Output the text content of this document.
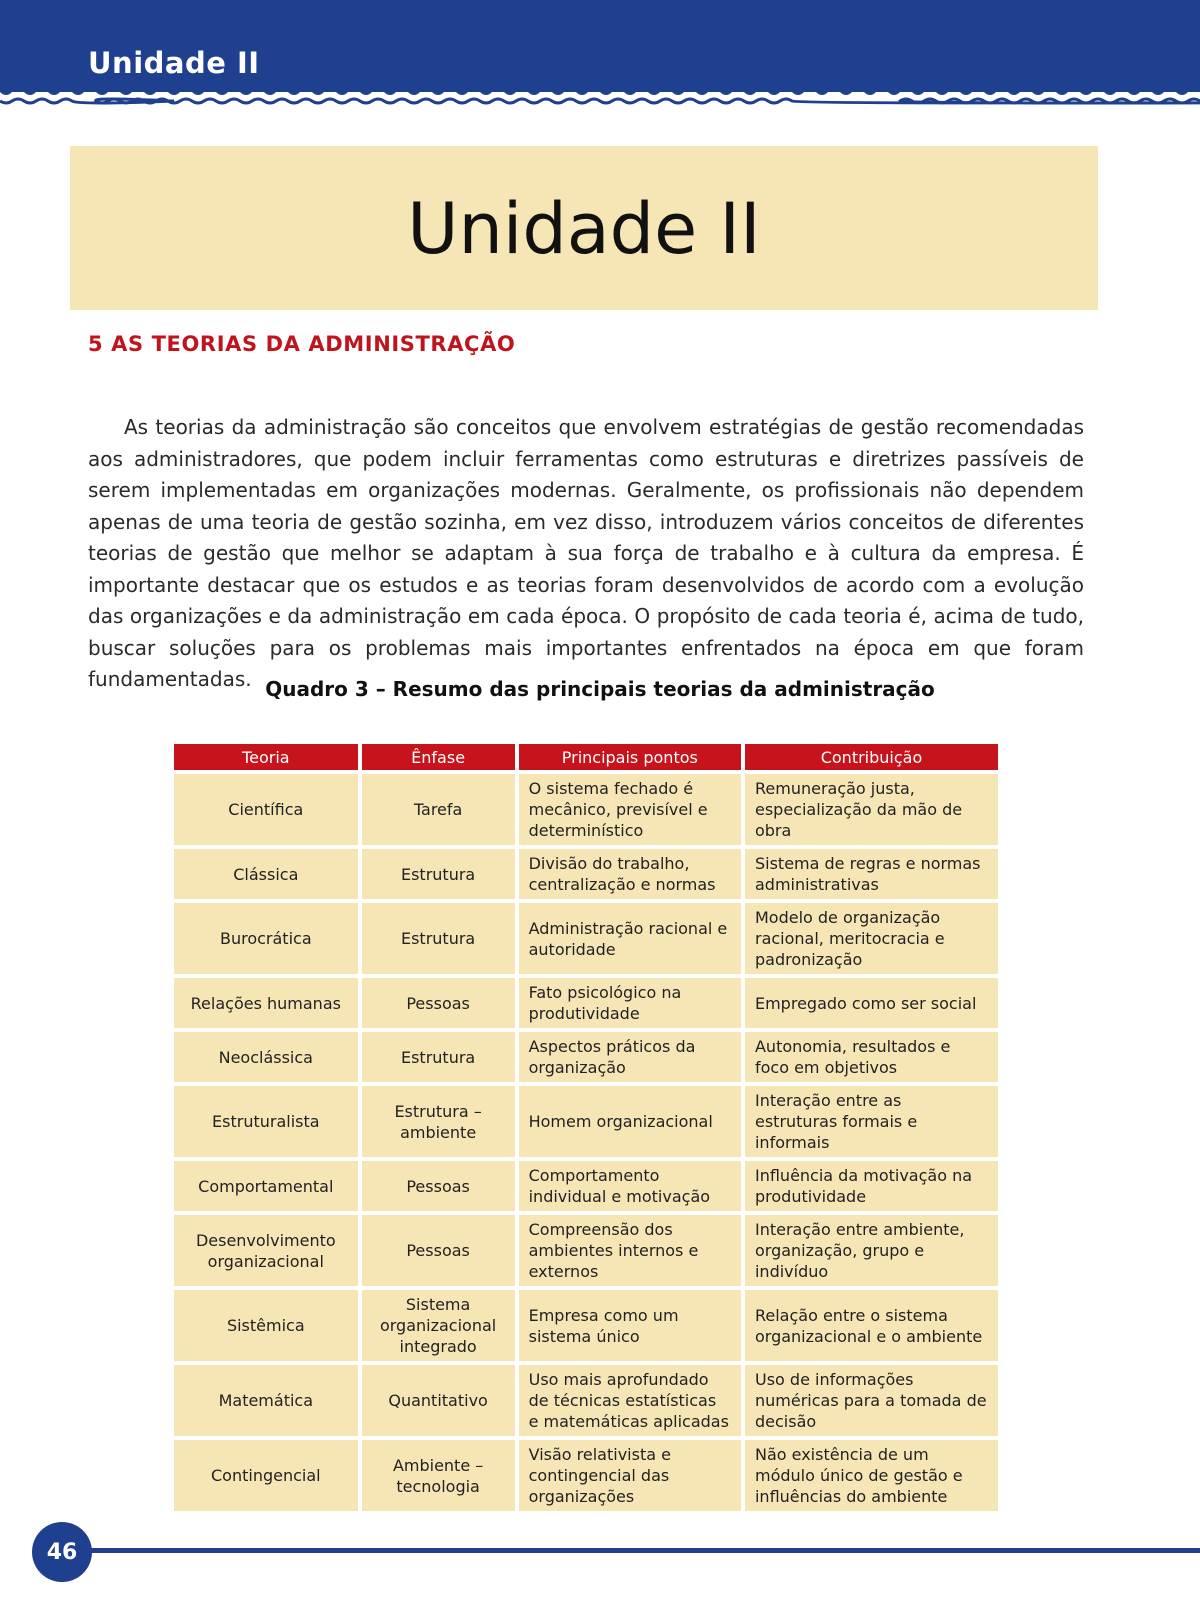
Unidade II
Unidade II
5 AS TEORIAS DA ADMINISTRAÇÃO

As teorias da administração são conceitos que envolvem estratégias de gestão recomendadas aos administradores, que podem incluir ferramentas como estruturas e diretrizes passíveis de serem implementadas em organizações modernas. Geralmente, os profissionais não dependem apenas de uma teoria de gestão sozinha, em vez disso, introduzem vários conceitos de diferentes teorias de gestão que melhor se adaptam à sua força de trabalho e à cultura da empresa. É importante destacar que os estudos e as teorias foram desenvolvidos de acordo com a evolução das organizações e da administração em cada época. O propósito de cada teoria é, acima de tudo, buscar soluções para os problemas mais importantes enfrentados na época em que foram fundamentadas. Quadro 3 – Resumo das principais teorias da administração
Teoria	Ênfase	Principais pontos	Contribuição
Científica	Tarefa	O sistema fechado é mecânico, previsível e determinístico	Remuneração justa, especialização da mão de obra
Clássica	Estrutura	Divisão do trabalho, centralização e normas	Sistema de regras e normas administrativas
Burocrática	Estrutura	Administração racional e autoridade	Modelo de organização racional, meritocracia e padronização
Relações humanas	Pessoas	Fato psicológico na produtividade	Empregado como ser social
Neoclássica	Estrutura	Aspectos práticos da organização	Autonomia, resultados e foco em objetivos
Estruturalista	Estrutura – ambiente	Homem organizacional	Interação entre as estruturas formais e informais
Comportamental	Pessoas	Comportamento individual e motivação	Influência da motivação na produtividade
Desenvolvimento organizacional	Pessoas	Compreensão dos ambientes internos e externos	Interação entre ambiente, organização, grupo e indivíduo
Sistêmica	Sistema organizacional integrado	Empresa como um sistema único	Relação entre o sistema organizacional e o ambiente
Matemática	Quantitativo	Uso mais aprofundado de técnicas estatísticas e matemáticas aplicadas	Uso de informações numéricas para a tomada de decisão
Contingencial	Ambiente – tecnologia	Visão relativista e contingencial das organizações	Não existência de um módulo único de gestão e influências do ambiente
46
